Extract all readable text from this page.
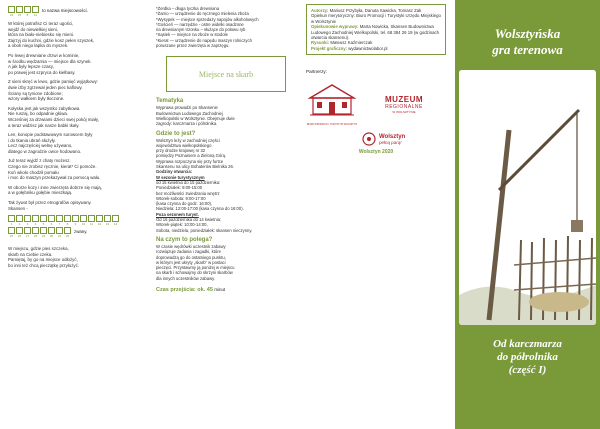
21	15	8	11
to nazwa miejscowości.

W której potrafisz Ci teraz ugości,
wejdź do niewielkiej sieni,
która na biało-niebiesko się mieni.
Zajrzyj do kuchni, gdzie kosz pełen szyszek,
a obok niego łapka do myszek.

Po lewej drewniane drzwi w kominie,
w środku wędzarnia — miejsce dla szynek.
A jak były lepsze czasy,
po prawej jest szpryca do kiełbasy.

Z sieni skręć w lewo, gdzie pamięć wyjątkowy:
dwie izby zgrzewał jeden piec kaflowy.
Ściany są tynione zdobione;
wzory wałkiem były tłoczone.

Kołyska jest jak wszystko zabytkowa.
Nie ruszaj, bo odpadnie główa.
Wcześniej za drzwiami dzieci swej pokój miały,
a teraz widzisz jak nasze babki tkały.

Len, konopie podstawowym surowcem były
i do tkania ubrań służyły.
Lecz najczęściej wełnę używano,
dlatego w zagrodzie owce hodowano.

Już teraz wyjdź z chaty możesz.
Czego nie zrobisz ręcznie, kierat* Ci pomoże.
Koń wkoło chodził pomału
i moc do maszyn przekazywał za pomocą wału.

W oborze kozy i inne zwierzęta dobrze się mają,
a w gołębniku gołębie mieszkają.

Tak żywot był przez etnografów opisywany.
Skansen -

1	2	3	4	5	6	7	8	9	10	11	12	13	14
15	16	17	18	19	20	21	22
zwany.
W miejscu, gdzie pies szczeka,
skarb na Ciebie czeka.
Pamiętaj, by go na miejsce odłożyć,
bo inni też chcą pieczątkę przyłożyć.
*Żerdka – długa tyczka drewniana
*Żarno — urządzenie do ręcznego mielenia zboża
*Wysypek — miejsce sprzedaży napojów alkoholowych
*Goścień — narzędzie - ostre widelki osadzone
na drewnianym trzonku – służące do połowu ryb
*Sąsiek — miejsce na zboże w stodole
*Kierat — urządzenie do napędu maszyn rolniczych
poruszane przez zwierzęta w zaprzęgu.
Miejsce na skarb
Tematyka
Wyprawa prowadzi po Skansenie
Budownictwa Ludowego Zachodniej
Wielkopolski w Wolsztynie. Obejmuje dwie
zagrody: karczmarza i pólrolnika.
Gdzie to jest?
Wolsztyn leży w zachodniej części
województwa wielkopolskiego
przy drodze krajowej nr 32
pomiędzy Poznaniem a Zieloną Górą.
Wyprawa rozpoczyna się przy furtce
Skansenu na ulicy Bohaterów Bielnika 26.
Godziny otwarcia:
W sezonie turystycznym
od 15 kwietnia do 15 października:
Poniedziałek: 9:00-15:00
bez możliwości zwiedzania wnętrz
Wtorek-sobota: 9:00-17:00
(kasa czynna do godz. 16:00),
Niedziela: 12:00-17:00 (kasa czynna do 16:00).
Poza sezonem turyst.
Od 16 października do 14 kwietnia:
Wtorek-piątek: 10:00-14:00,
Sobota, niedziela, poniedziałek: skansen nieczynny.
Na czym to polega?
W czasie wędrówki uczestnik zabawy
rozwiązuje zadania i zagadki, które
doprowadzą go do ostatniego punktu,
w którym jest ukryty „skarb” w postaci
pieczęci. Przystawmy ją poniżej w miejscu
na skarb i schowajmy do skrzyni skarbów
dla innych uczestników zabawy.
Czas przejścia: ok. 45 minut
Autorzy: Mariusz Przybyła, Danuta Sawicka, Tomasz Zak
Opiekun merytoryczny: Biuro Promocji i Turystyki Urzędu Miejskiego w Wolsztynie
Opiekunowie wyprawy: Marta Nowicka, Skansen Budownictwa Ludowego Zachodniej Wielkopolski, tel. 68 384 26 19 (w godzinach otwarcia skansenu).
Rysunki: Mateusz Kaźmierczak
Projekt graficzny: wydawnictwolabor.pl
Partnerzy:
BIURO PROMOCJI I TURYSTYKI WOLSZTYN
MUZEUM
REGIONALNE
W WOLSZTYNIE
Wolsztyn
pełną parą!
Wolsztyn 2020
Wolsztyńska
gra terenowa
Od karczmarza
do półrolnika
(część I)
